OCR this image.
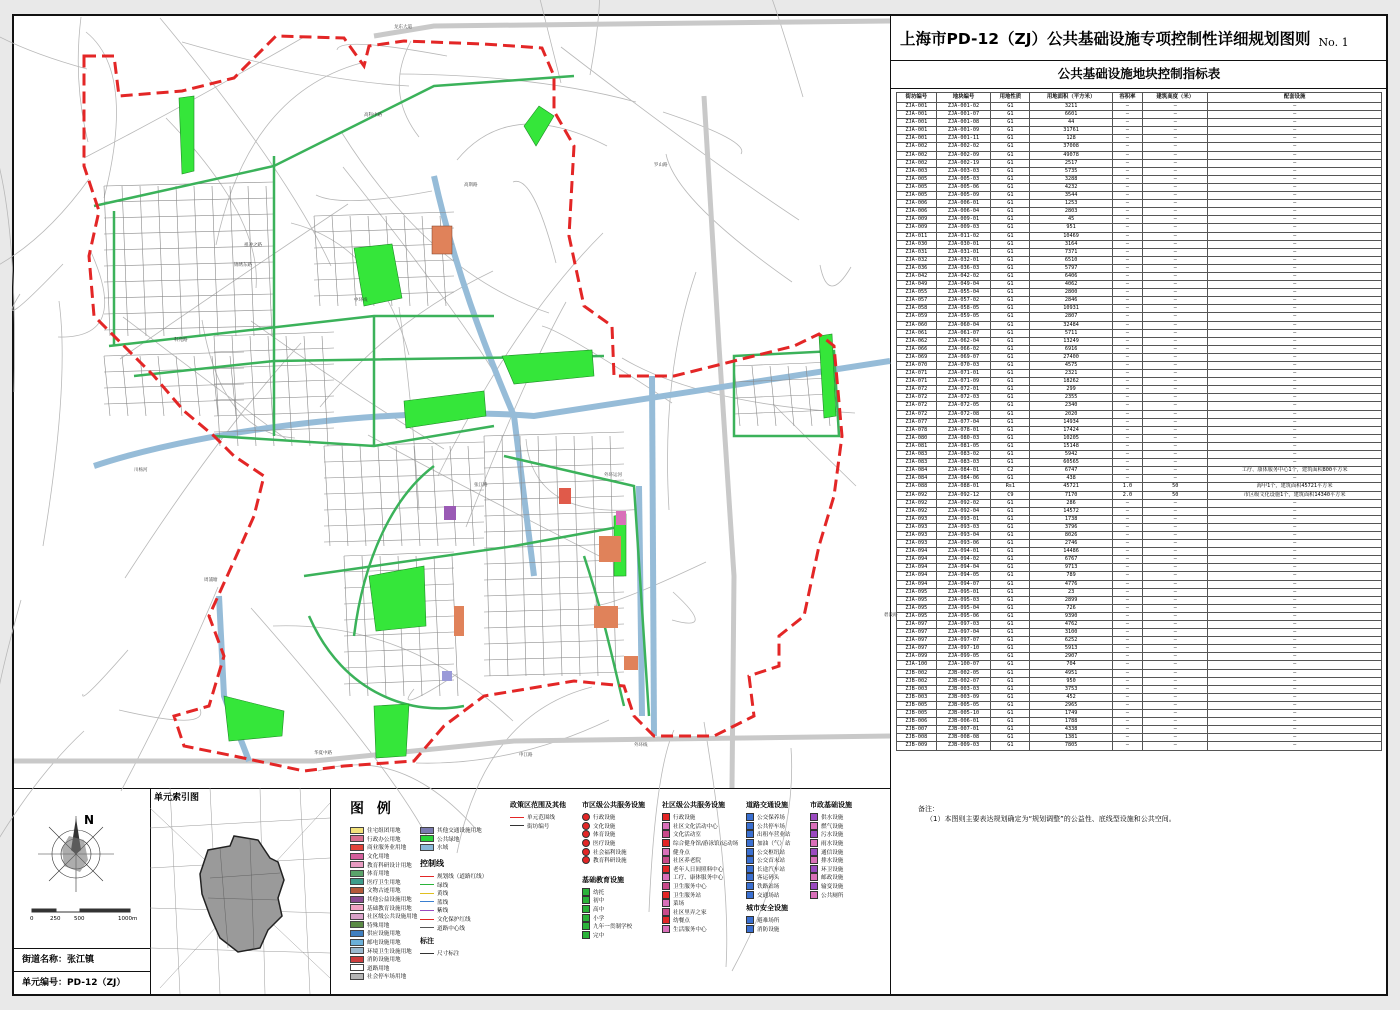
龙东大道
高科中路
锦绣东路
川杨河
罗山路
外环运河
外环线
申江路
华夏中路
中环线
张江路
祖冲之路
高斯路
科苑路
碧波路
周浦塘
上海市PD-12（ZJ）公共基础设施专项控制性详细规划图则 No. 1
公共基础设施地块控制指标表
街坊编号	地块编号	用地性质	用地面积（平方米）	容积率	建筑高度（米）	配套设施
ZJA-001	ZJA-001-02	G1	3211	—	—	—
ZJA-001	ZJA-001-07	G1	6601	—	—	—
ZJA-001	ZJA-001-08	G1	44	—	—	—
ZJA-001	ZJA-001-09	G1	31761	—	—	—
ZJA-001	ZJA-001-11	G1	128	—	—	—
ZJA-002	ZJA-002-02	G1	37008	—	—	—
ZJA-002	ZJA-002-09	G1	49078	—	—	—
ZJA-002	ZJA-002-19	G1	2517	—	—	—
ZJA-003	ZJA-003-03	G1	5735	—	—	—
ZJA-005	ZJA-005-03	G1	3288	—	—	—
ZJA-005	ZJA-005-06	G1	4232	—	—	—
ZJA-005	ZJA-005-09	G1	3544	—	—	—
ZJA-006	ZJA-006-01	G1	1253	—	—	—
ZJA-006	ZJA-006-04	G1	2803	—	—	—
ZJA-009	ZJA-009-01	G1	45	—	—	—
ZJA-009	ZJA-009-03	G1	951	—	—	—
ZJA-011	ZJA-011-02	G1	10469	—	—	—
ZJA-030	ZJA-030-01	G1	3164	—	—	—
ZJA-031	ZJA-031-01	G1	7371	—	—	—
ZJA-032	ZJA-032-01	G1	6510	—	—	—
ZJA-036	ZJA-036-03	G1	5797	—	—	—
ZJA-042	ZJA-042-02	G1	6406	—	—	—
ZJA-049	ZJA-049-04	G1	4062	—	—	—
ZJA-055	ZJA-055-04	G1	2800	—	—	—
ZJA-057	ZJA-057-02	G1	2846	—	—	—
ZJA-058	ZJA-058-05	G1	10931	—	—	—
ZJA-059	ZJA-059-05	G1	2807	—	—	—
ZJA-060	ZJA-060-04	G1	32484	—	—	—
ZJA-061	ZJA-061-07	G1	5711	—	—	—
ZJA-062	ZJA-062-04	G1	13249	—	—	—
ZJA-066	ZJA-066-02	G1	6916	—	—	—
ZJA-069	ZJA-069-07	G1	27400	—	—	—
ZJA-070	ZJA-070-03	G1	4575	—	—	—
ZJA-071	ZJA-071-01	G1	2321	—	—	—
ZJA-071	ZJA-071-09	G1	18262	—	—	—
ZJA-072	ZJA-072-01	G1	299	—	—	—
ZJA-072	ZJA-072-03	G1	2355	—	—	—
ZJA-072	ZJA-072-05	G1	2340	—	—	—
ZJA-072	ZJA-072-08	G1	2020	—	—	—
ZJA-077	ZJA-077-04	G1	14934	—	—	—
ZJA-078	ZJA-078-01	G1	17424	—	—	—
ZJA-080	ZJA-080-03	G1	10205	—	—	—
ZJA-081	ZJA-081-05	G1	15148	—	—	—
ZJA-083	ZJA-083-02	G1	5942	—	—	—
ZJA-083	ZJA-083-03	G1	60565	—	—	—
ZJA-084	ZJA-084-01	C2	6747	—	—	工疗、康体服务中心1个，建筑面积800平方米
ZJA-084	ZJA-084-06	G1	438	—	—	—
ZJA-088	ZJA-088-01	Rs1	45721	1.0	50	海甲1个，建筑面积45721平方米
ZJA-092	ZJA-092-12	C9	7170	2.0	50	市区级文化设施1个，建筑面积14340平方米
ZJA-092	ZJA-092-02	G1	286	—	—	—
ZJA-092	ZJA-092-04	G1	14572	—	—	—
ZJA-093	ZJA-093-01	G1	1738	—	—	—
ZJA-093	ZJA-093-03	G1	3796	—	—	—
ZJA-093	ZJA-093-04	G1	8026	—	—	—
ZJA-093	ZJA-093-06	G1	2746	—	—	—
ZJA-094	ZJA-094-01	G1	14486	—	—	—
ZJA-094	ZJA-094-02	G1	6767	—	—	—
ZJA-094	ZJA-094-04	G1	9713	—	—	—
ZJA-094	ZJA-094-05	G1	789	—	—	—
ZJA-094	ZJA-094-07	G1	4776	—	—	—
ZJA-095	ZJA-095-01	G1	23	—	—	—
ZJA-095	ZJA-095-03	G1	2899	—	—	—
ZJA-095	ZJA-095-04	G1	726	—	—	—
ZJA-095	ZJA-095-06	G1	9390	—	—	—
ZJA-097	ZJA-097-03	G1	4762	—	—	—
ZJA-097	ZJA-097-04	G1	3100	—	—	—
ZJA-097	ZJA-097-07	G1	6252	—	—	—
ZJA-097	ZJA-097-10	G1	5913	—	—	—
ZJA-099	ZJA-099-05	G1	2907	—	—	—
ZJA-100	ZJA-100-07	G1	704	—	—	—
ZJB-002	ZJB-002-05	G1	4951	—	—	—
ZJB-002	ZJB-002-07	G1	950	—	—	—
ZJB-003	ZJB-003-03	G1	3753	—	—	—
ZJB-003	ZJB-003-09	G1	452	—	—	—
ZJB-005	ZJB-005-05	G1	2965	—	—	—
ZJB-005	ZJB-005-10	G1	1749	—	—	—
ZJB-006	ZJB-006-01	G1	1788	—	—	—
ZJB-007	ZJB-007-01	G1	4338	—	—	—
ZJB-008	ZJB-008-08	G1	1381	—	—	—
ZJB-009	ZJB-009-03	G1	7805	—	—	—
N
0	250 500	1000m
街道名称：张江镇
单元编号：PD-12（ZJ）
单元索引图
图 例
住宅组团用地
行政办公用地
商业服务业用地
文化用地
教育科研设计用地
体育用地
医疗卫生用地
文物古迹用地
其他公益设施用地
基础教育设施用地
社区级公共设施用地
特殊用地
供应设施用地
邮电设施用地
环境卫生设施用地
消防设施用地
道路用地
社会停车场用地
其他交通设施用地
公共绿地
水域
控制线
规划线（道路红线）
绿线
黄线
蓝线
紫线
文化保护红线
道路中心线
标注
尺寸标注
政策区范围及其他
单元范围线
街坊编号
市区级公共服务设施
行政设施
文化设施
体育设施
医疗设施
社会福利设施
教育科研设施
基础教育设施
幼托
初中
高中
小学
九年一贯制学校
完中
社区级公共服务设施
行政设施
社区文化活动中心
文化活动室
综合健身馆/游泳馆/运动场
健身点
社区养老院
老年人日间照料中心
工疗、康体服务中心
卫生服务中心
卫生服务站
菜场
社区里弄之家
幼餐点
生活服务中心
道路交通设施
公交保养场
公共停车场
出租车营业站
加油（气）站
公交枢纽站
公交首末站
长途汽车站
客运码头
铁路站场
交通场站
城市安全设施
避难场所
消防设施
市政基础设施
供水设施
燃气设施
污水设施
雨水设施
通信设施
排水设施
环卫设施
邮政设施
输变设施
公共厕所
备注：
（1）本图则主要表达规划确定为“规划调整”的公益性、底线型设施和公共空间。
